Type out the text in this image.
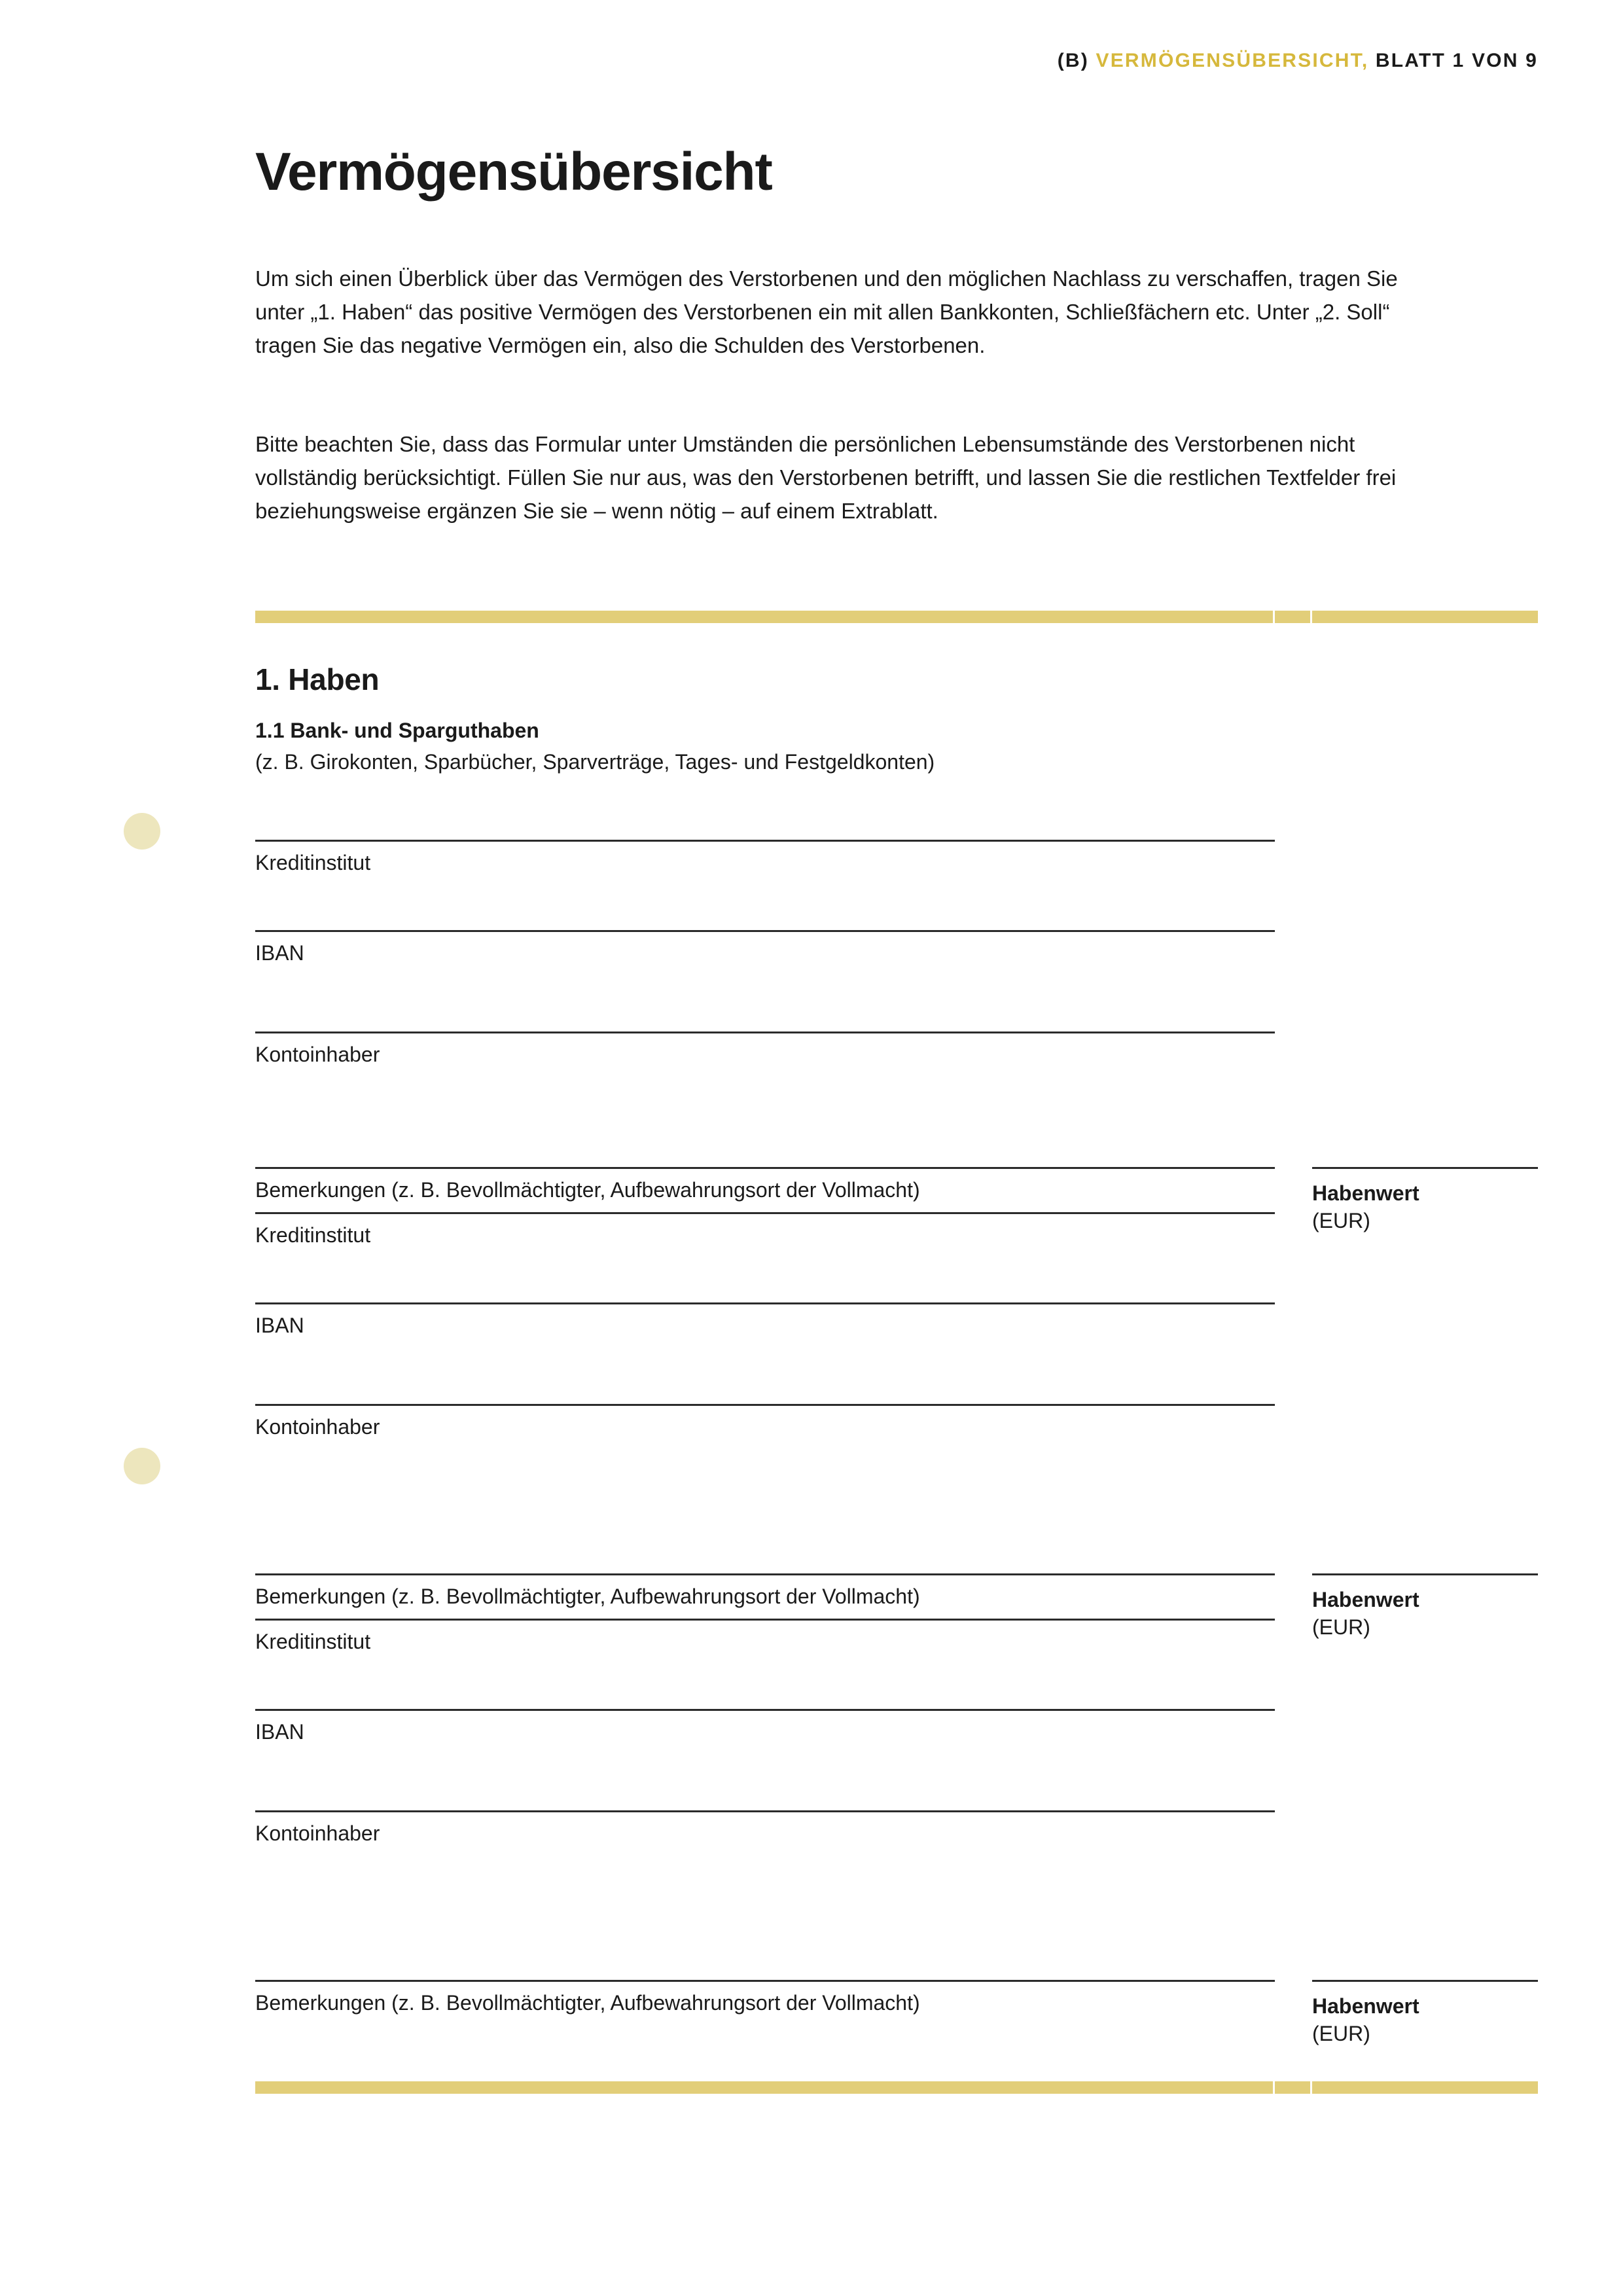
(B) VERMÖGENSÜBERSICHT, BLATT 1 VON 9
Vermögensübersicht

Um sich einen Überblick über das Vermögen des Verstorbenen und den möglichen Nachlass zu verschaffen, tragen Sie unter „1. Haben“ das positive Vermögen des Verstorbenen ein mit allen Bankkonten, Schließfächern etc. Unter „2. Soll“ tragen Sie das negative Vermögen ein, also die Schulden des Verstorbenen.

Bitte beachten Sie, dass das Formular unter Umständen die persönlichen Lebensumstände des Verstorbenen nicht vollständig berücksichtigt. Füllen Sie nur aus, was den Verstorbenen betrifft, und lassen Sie die restlichen Textfelder frei beziehungsweise ergänzen Sie sie – wenn nötig – auf einem Extrablatt.

1. Haben
1.1 Bank- und Sparguthaben
(z. B. Girokonten, Sparbücher, Sparverträge, Tages- und Festgeldkonten)
Kreditinstitut
IBAN
Kontoinhaber
Bemerkungen (z. B. Bevollmächtigter, Aufbewahrungsort der Vollmacht)	Habenwert
(EUR)
Kreditinstitut
IBAN
Kontoinhaber
Bemerkungen (z. B. Bevollmächtigter, Aufbewahrungsort der Vollmacht)	Habenwert
(EUR)
Kreditinstitut
IBAN
Kontoinhaber
Bemerkungen (z. B. Bevollmächtigter, Aufbewahrungsort der Vollmacht)	Habenwert
(EUR)
